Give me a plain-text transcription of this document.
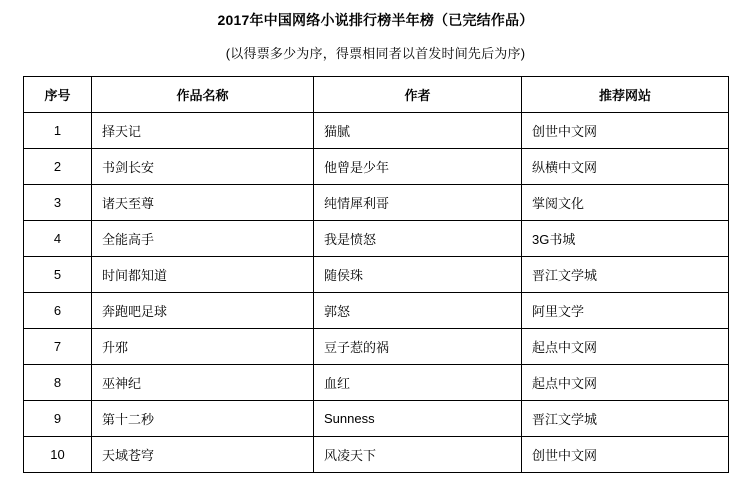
2017年中国网络小说排行榜半年榜（已完结作品）
(以得票多少为序，得票相同者以首发时间先后为序)
序号	作品名称	作者	推荐网站
1	择天记	猫腻	创世中文网
2	书剑长安	他曾是少年	纵横中文网
3	诸天至尊	纯情犀利哥	掌阅文化
4	全能高手	我是愤怒	3G书城
5	时间都知道	随侯珠	晋江文学城
6	奔跑吧足球	郭怒	阿里文学
7	升邪	豆子惹的祸	起点中文网
8	巫神纪	血红	起点中文网
9	第十二秒	Sunness	晋江文学城
10	天域苍穹	风凌天下	创世中文网
